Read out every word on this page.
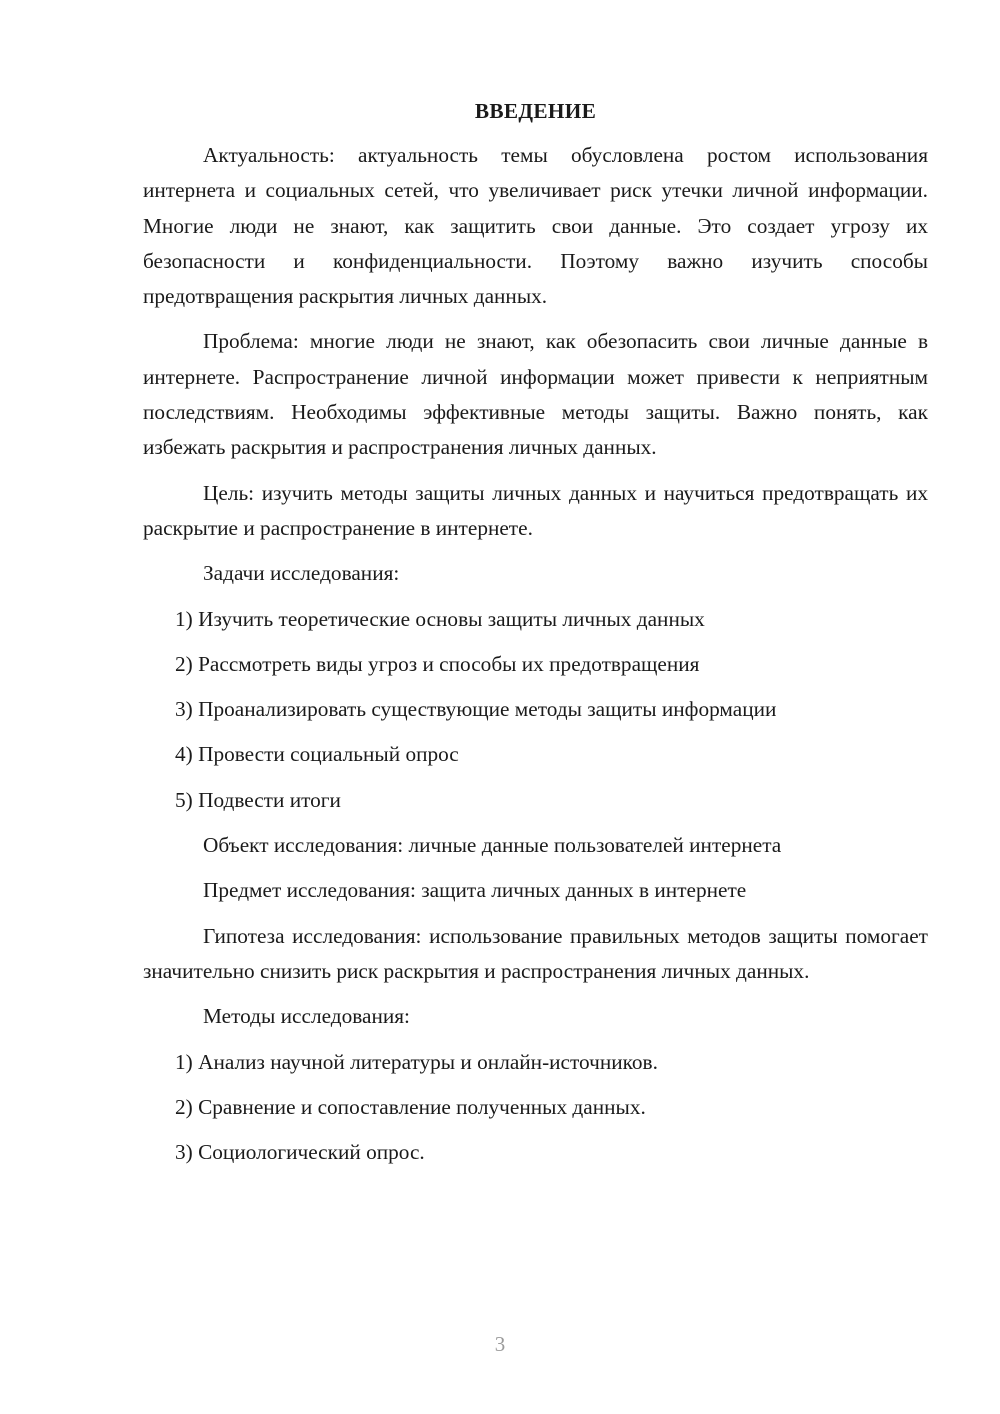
ВВЕДЕНИЕ

Актуальность: актуальность темы обусловлена ростом использования интернета и социальных сетей, что увеличивает риск утечки личной информации. Многие люди не знают, как защитить свои данные. Это создает угрозу их безопасности и конфиденциальности. Поэтому важно изучить способы предотвращения раскрытия личных данных.

Проблема: многие люди не знают, как обезопасить свои личные данные в интернете. Распространение личной информации может привести к неприятным последствиям. Необходимы эффективные методы защиты. Важно понять, как избежать раскрытия и распространения личных данных.

Цель: изучить методы защиты личных данных и научиться предотвращать их раскрытие и распространение в интернете.

Задачи исследования:

1) Изучить теоретические основы защиты личных данных
2) Рассмотреть виды угроз и способы их предотвращения
3) Проанализировать существующие методы защиты информации
4) Провести социальный опрос
5) Подвести итоги

Объект исследования: личные данные пользователей интернета

Предмет исследования: защита личных данных в интернете

Гипотеза исследования: использование правильных методов защиты помогает значительно снизить риск раскрытия и распространения личных данных.

Методы исследования:

1) Анализ научной литературы и онлайн-источников.
2) Сравнение и сопоставление полученных данных.
3) Социологический опрос.
3
